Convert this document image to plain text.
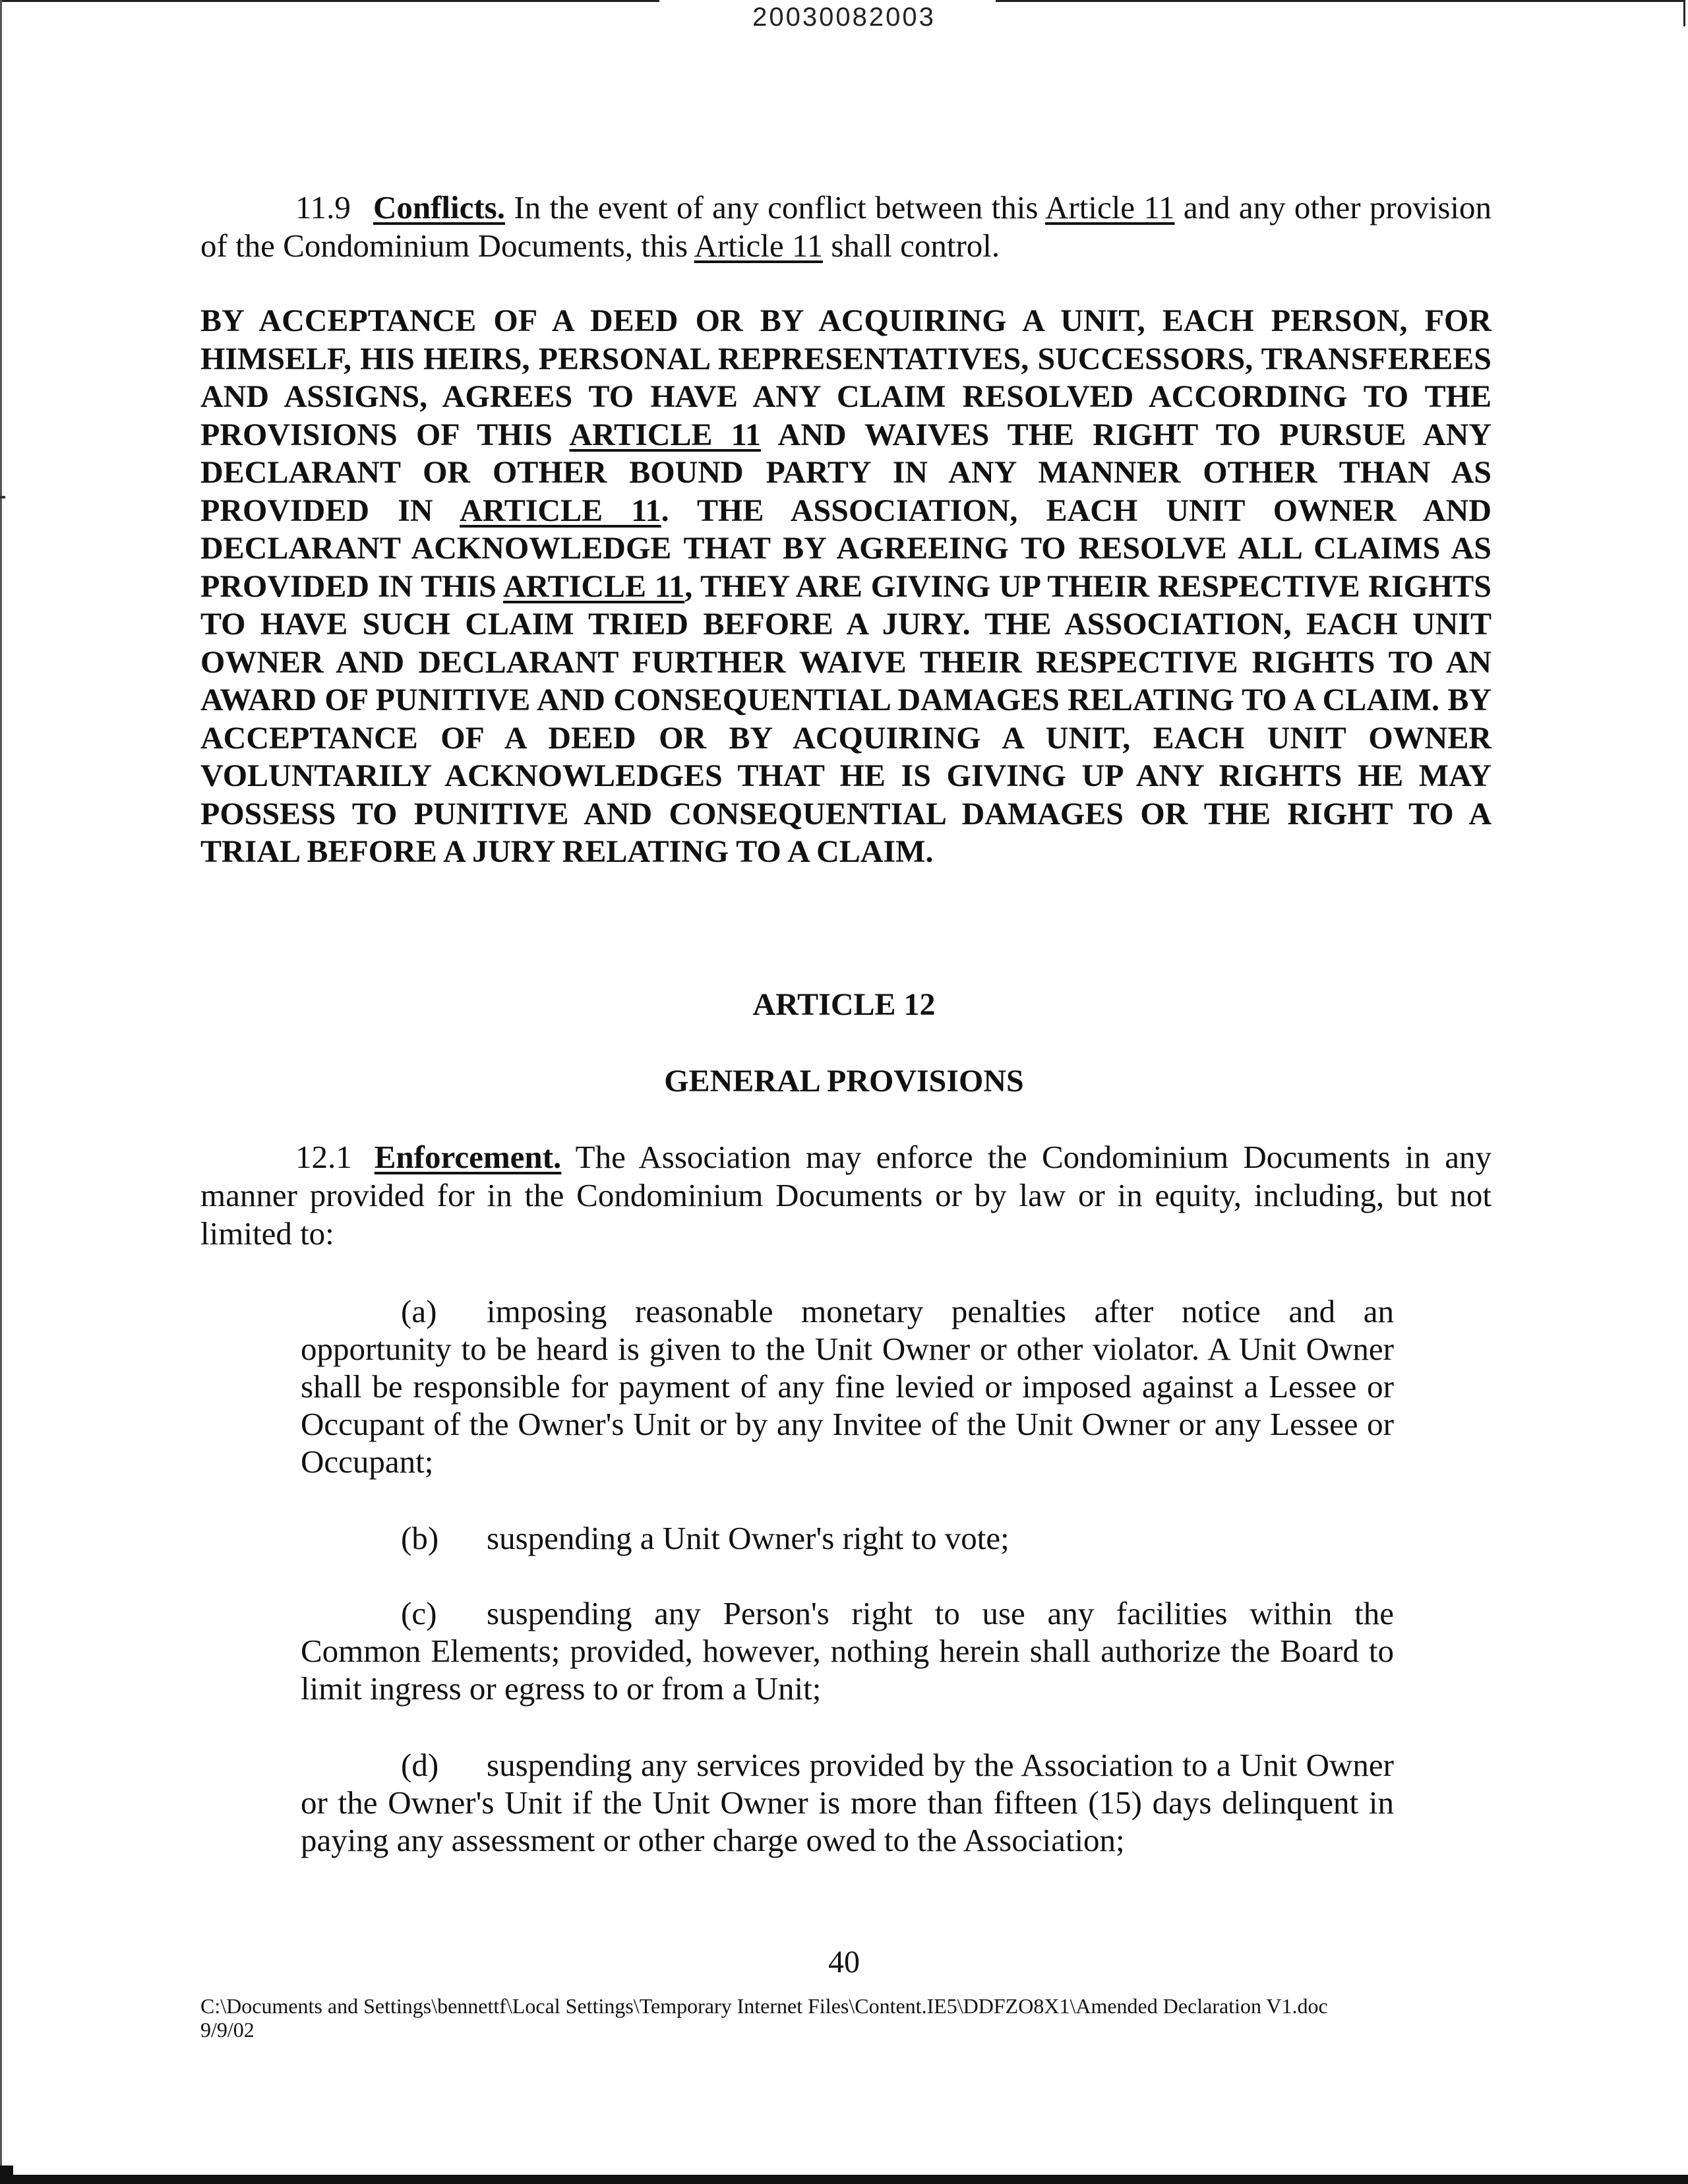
20030082003

11.9 Conflicts. In the event of any conflict between this Article 11 and any other provision of the Condominium Documents, this Article 11 shall control.

BY ACCEPTANCE OF A DEED OR BY ACQUIRING A UNIT, EACH PERSON, FOR HIMSELF, HIS HEIRS, PERSONAL REPRESENTATIVES, SUCCESSORS, TRANSFEREES AND ASSIGNS, AGREES TO HAVE ANY CLAIM RESOLVED ACCORDING TO THE PROVISIONS OF THIS ARTICLE 11 AND WAIVES THE RIGHT TO PURSUE ANY DECLARANT OR OTHER BOUND PARTY IN ANY MANNER OTHER THAN AS PROVIDED IN ARTICLE 11. THE ASSOCIATION, EACH UNIT OWNER AND DECLARANT ACKNOWLEDGE THAT BY AGREEING TO RESOLVE ALL CLAIMS AS PROVIDED IN THIS ARTICLE 11, THEY ARE GIVING UP THEIR RESPECTIVE RIGHTS TO HAVE SUCH CLAIM TRIED BEFORE A JURY. THE ASSOCIATION, EACH UNIT OWNER AND DECLARANT FURTHER WAIVE THEIR RESPECTIVE RIGHTS TO AN AWARD OF PUNITIVE AND CONSEQUENTIAL DAMAGES RELATING TO A CLAIM. BY ACCEPTANCE OF A DEED OR BY ACQUIRING A UNIT, EACH UNIT OWNER VOLUNTARILY ACKNOWLEDGES THAT HE IS GIVING UP ANY RIGHTS HE MAY POSSESS TO PUNITIVE AND CONSEQUENTIAL DAMAGES OR THE RIGHT TO A TRIAL BEFORE A JURY RELATING TO A CLAIM.

ARTICLE 12

GENERAL PROVISIONS

12.1 Enforcement. The Association may enforce the Condominium Documents in any manner provided for in the Condominium Documents or by law or in equity, including, but not limited to:

(a) imposing reasonable monetary penalties after notice and an opportunity to be heard is given to the Unit Owner or other violator. A Unit Owner shall be responsible for payment of any fine levied or imposed against a Lessee or Occupant of the Owner's Unit or by any Invitee of the Unit Owner or any Lessee or Occupant;

(b) suspending a Unit Owner's right to vote;

(c) suspending any Person's right to use any facilities within the Common Elements; provided, however, nothing herein shall authorize the Board to limit ingress or egress to or from a Unit;

(d) suspending any services provided by the Association to a Unit Owner or the Owner's Unit if the Unit Owner is more than fifteen (15) days delinquent in paying any assessment or other charge owed to the Association;

40

C:\Documents and Settings\bennettf\Local Settings\Temporary Internet Files\Content.IE5\DDFZO8X1\Amended Declaration V1.doc

9/9/02
